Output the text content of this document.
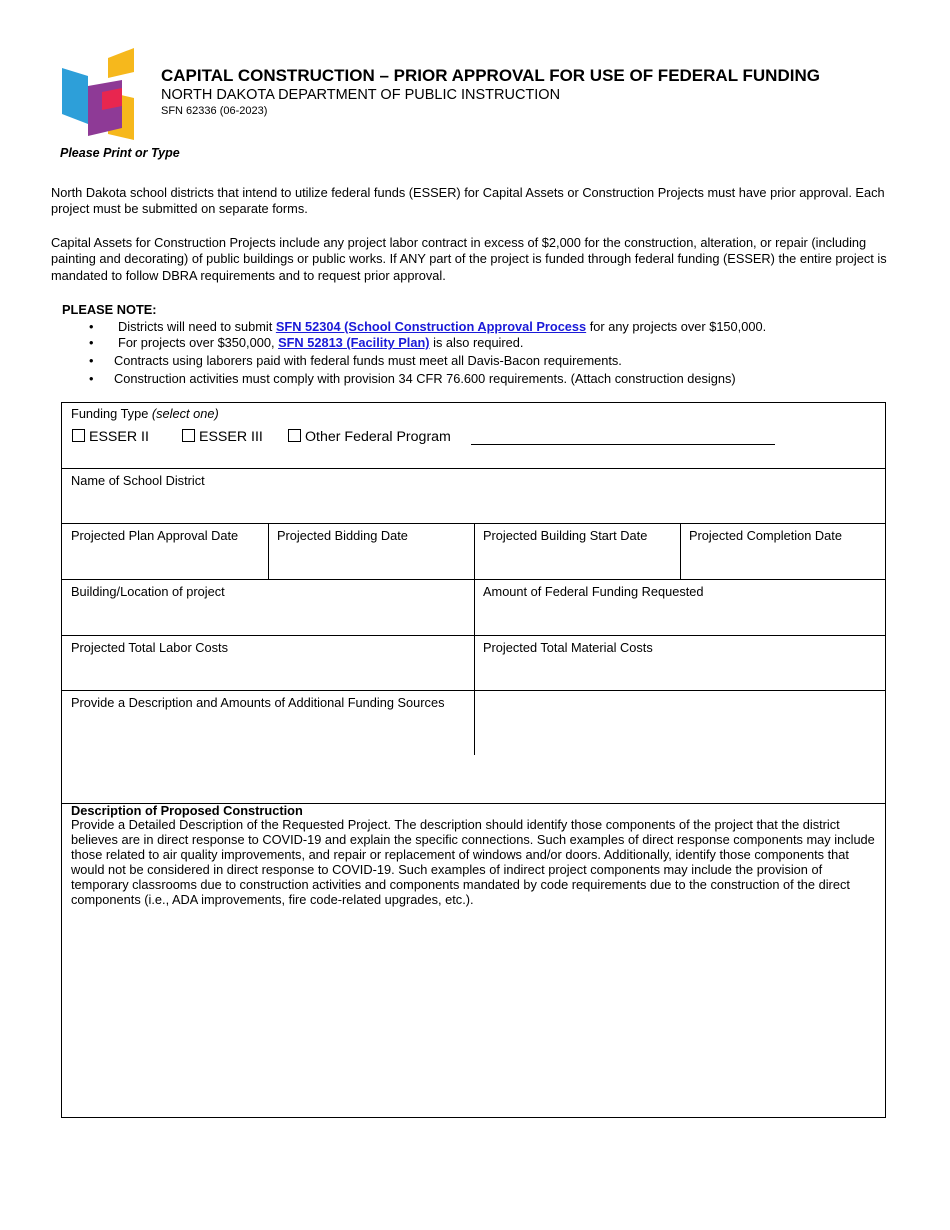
CAPITAL CONSTRUCTION – PRIOR APPROVAL FOR USE OF FEDERAL FUNDING
NORTH DAKOTA DEPARTMENT OF PUBLIC INSTRUCTION
SFN 62336 (06-2023)
Please Print or Type

North Dakota school districts that intend to utilize federal funds (ESSER) for Capital Assets or Construction Projects must have prior approval. Each project must be submitted on separate forms.

Capital Assets for Construction Projects include any project labor contract in excess of $2,000 for the construction, alteration, or repair (including painting and decorating) of public buildings or public works. If ANY part of the project is funded through federal funding (ESSER) the entire project is mandated to follow DBRA requirements and to request prior approval.

PLEASE NOTE:
• Districts will need to submit SFN 52304 (School Construction Approval Process for any projects over $150,000.
• For projects over $350,000, SFN 52813 (Facility Plan) is also required.
• Contracts using laborers paid with federal funds must meet all Davis-Bacon requirements.
• Construction activities must comply with provision 34 CFR 76.600 requirements. (Attach construction designs)
Funding Type (select one)
ESSER II	ESSER III	Other Federal Program
Name of School District
Projected Plan Approval Date	Projected Bidding Date	Projected Building Start Date	Projected Completion Date
Building/Location of project	Amount of Federal Funding Requested
Projected Total Labor Costs	Projected Total Material Costs
Provide a Description and Amounts of Additional Funding Sources
Description of Proposed Construction

Provide a Detailed Description of the Requested Project. The description should identify those components of the project that the district believes are in direct response to COVID-19 and explain the specific connections. Such examples of direct response components may include those related to air quality improvements, and repair or replacement of windows and/or doors. Additionally, identify those components that would not be considered in direct response to COVID-19. Such examples of indirect project components may include the provision of temporary classrooms due to construction activities and components mandated by code requirements due to the construction of the direct components (i.e., ADA improvements, fire code-related upgrades, etc.).
